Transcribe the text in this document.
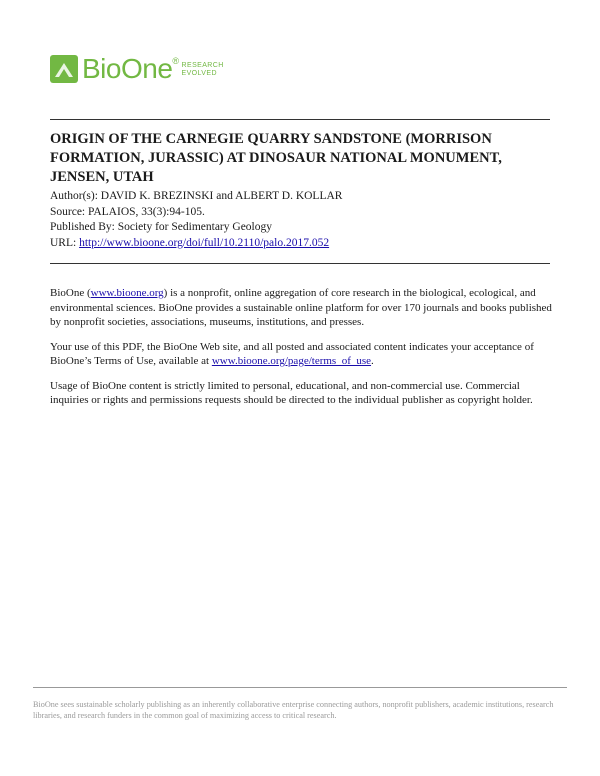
BioOne® RESEARCH
EVOLVED
ORIGIN OF THE CARNEGIE QUARRY SANDSTONE (MORRISON FORMATION, JURASSIC) AT DINOSAUR NATIONAL MONUMENT, JENSEN, UTAH
Author(s): DAVID K. BREZINSKI and ALBERT D. KOLLAR
Source: PALAIOS, 33(3):94-105.
Published By: Society for Sedimentary Geology
URL: http://www.bioone.org/doi/full/10.2110/palo.2017.052

BioOne (www.bioone.org) is a nonprofit, online aggregation of core research in the biological, ecological, and environmental sciences. BioOne provides a sustainable online platform for over 170 journals and books published by nonprofit societies, associations, museums, institutions, and presses.

Your use of this PDF, the BioOne Web site, and all posted and associated content indicates your acceptance of BioOne’s Terms of Use, available at www.bioone.org/page/terms_of_use.

Usage of BioOne content is strictly limited to personal, educational, and non-commercial use. Commercial inquiries or rights and permissions requests should be directed to the individual publisher as copyright holder.

BioOne sees sustainable scholarly publishing as an inherently collaborative enterprise connecting authors, nonprofit publishers, academic institutions, research libraries, and research funders in the common goal of maximizing access to critical research.
